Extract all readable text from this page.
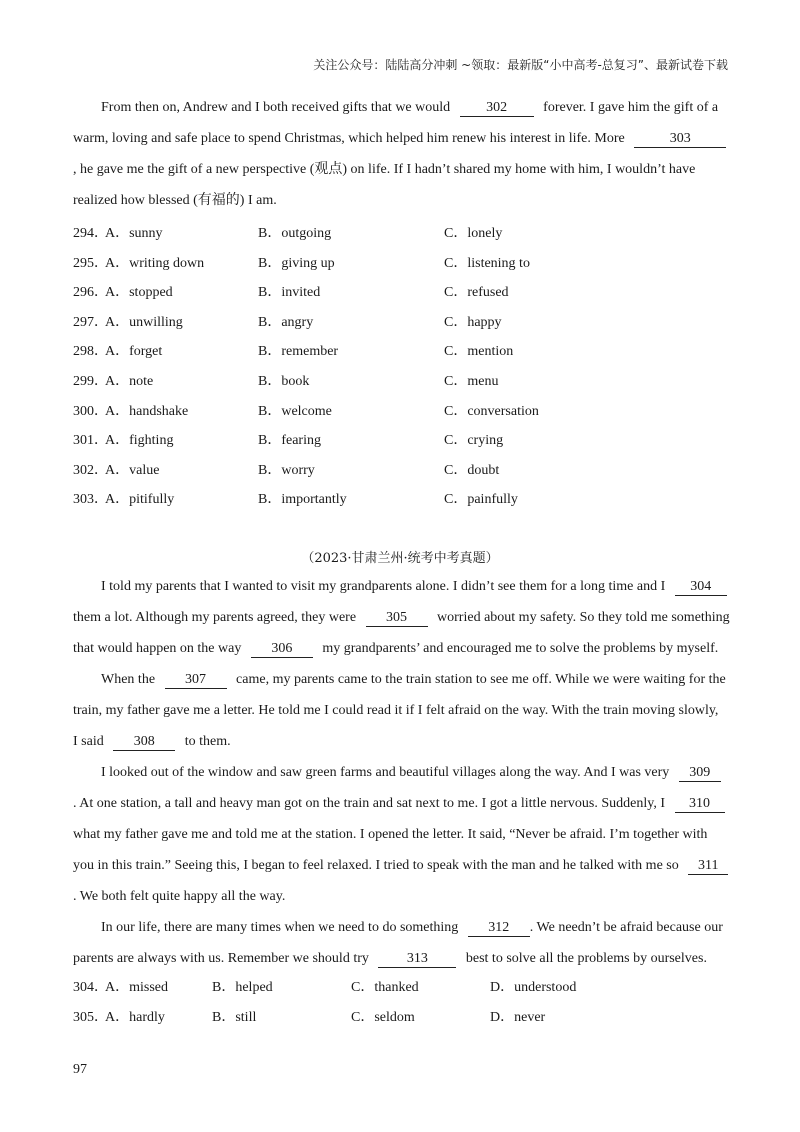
关注公众号：陆陆高分冲刺 ~领取：最新版“小中高考-总复习”、最新试卷下载
From then on, Andrew and I both received gifts that we would	302	forever. I gave him the gift of a
warm, loving and safe place to spend Christmas, which helped him renew his interest in life. More	303
, he gave me the gift of a new perspective (观点) on life. If I hadn’t shared my home with him, I wouldn’t have
realized how blessed (有福的) I am.
294．
A．sunny	B．outgoing	C．lonely
295．
A．writing down	B．giving up	C．listening to
296．
A．stopped	B．invited	C．refused
297．
A．unwilling	B．angry	C．happy
298．
A．forget	B．remember	C．mention
299．
A．note	B．book	C．menu
300．
A．handshake	B．welcome	C．conversation
301．
A．fighting	B．fearing	C．crying
302．
A．value	B．worry	C．doubt
303．
A．pitifully	B．importantly	C．painfully
（2023·甘肃兰州·统考中考真题）
I told my parents that I wanted to visit my grandparents alone. I didn’t see them for a long time and I 304
them a lot. Although my parents agreed, they were 305 worried about my safety. So they told me something
that would happen on the way 306 my grandparents’ and encouraged me to solve the problems by myself.
When the 307 came, my parents came to the train station to see me off. While we were waiting for the
train, my father gave me a letter. He told me I could read it if I felt afraid on the way. With the train moving slowly,
I said 308 to them.
I looked out of the window and saw green farms and beautiful villages along the way. And I was very 309
. At one station, a tall and heavy man got on the train and sat next to me. I got a little nervous. Suddenly, I 310
what my father gave me and told me at the station. I opened the letter. It said, “Never be afraid. I’m together with
you in this train.” Seeing this, I began to feel relaxed. I tried to speak with the man and he talked with me so 311
. We both felt quite happy all the way.
In our life, there are many times when we need to do something 312 . We needn’t be afraid because our
parents are always with us. Remember we should try	313	best to solve all the problems by ourselves.
304．
A．missed	B．helped	C．thanked	D．understood
305．
A．hardly	B．still	C．seldom	D．never
97
